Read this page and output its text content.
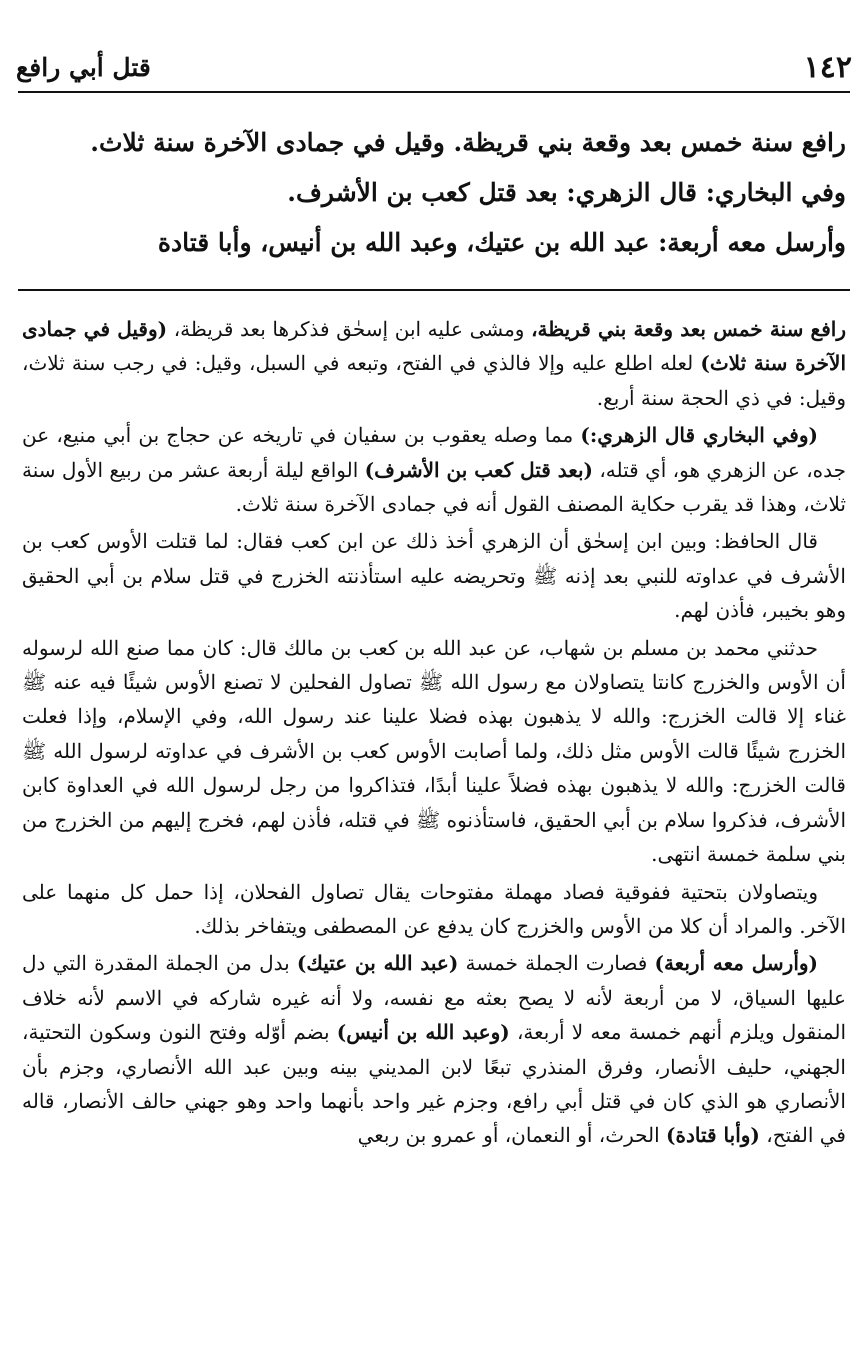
١٤٢
قتل أبي رافع

رافع سنة خمس بعد وقعة بني قريظة. وقيل في جمادى الآخرة سنة ثلاث.

وفي البخاري: قال الزهري: بعد قتل كعب بن الأشرف.

وأرسل معه أربعة: عبد الله بن عتيك، وعبد الله بن أنيس، وأبا قتادة

رافع سنة خمس بعد وقعة بني قريظة، ومشى عليه ابن إسحٰق فذكرها بعد قريظة، (وقيل في جمادى الآخرة سنة ثلاث) لعله اطلع عليه وإلا فالذي في الفتح، وتبعه في السبل، وقيل: في رجب سنة ثلاث، وقيل: في ذي الحجة سنة أربع.

(وفي البخاري قال الزهري:) مما وصله يعقوب بن سفيان في تاريخه عن حجاج بن أبي منيع، عن جده، عن الزهري هو، أي قتله، (بعد قتل كعب بن الأشرف) الواقع ليلة أربعة عشر من ربيع الأول سنة ثلاث، وهذا قد يقرب حكاية المصنف القول أنه في جمادى الآخرة سنة ثلاث.

قال الحافظ: وبين ابن إسحٰق أن الزهري أخذ ذلك عن ابن كعب فقال: لما قتلت الأوس كعب بن الأشرف في عداوته للنبي بعد إذنه ﷺ وتحريضه عليه استأذنته الخزرج في قتل سلام بن أبي الحقيق وهو بخيبر، فأذن لهم.

حدثني محمد بن مسلم بن شهاب، عن عبد الله بن كعب بن مالك قال: كان مما صنع الله لرسوله أن الأوس والخزرج كانتا يتصاولان مع رسول الله ﷺ تصاول الفحلين لا تصنع الأوس شيئًا فيه عنه ﷺ غناء إلا قالت الخزرج: والله لا يذهبون بهذه فضلا علينا عند رسول الله، وفي الإسلام، وإذا فعلت الخزرج شيئًا قالت الأوس مثل ذلك، ولما أصابت الأوس كعب بن الأشرف في عداوته لرسول الله ﷺ قالت الخزرج: والله لا يذهبون بهذه فضلاً علينا أبدًا، فتذاكروا من رجل لرسول الله في العداوة كابن الأشرف، فذكروا سلام بن أبي الحقيق، فاستأذنوه ﷺ في قتله، فأذن لهم، فخرج إليهم من الخزرج من بني سلمة خمسة انتهى.

ويتصاولان بتحتية ففوقية فصاد مهملة مفتوحات يقال تصاول الفحلان، إذا حمل كل منهما على الآخر. والمراد أن كلا من الأوس والخزرج كان يدفع عن المصطفى ويتفاخر بذلك.

(وأرسل معه أربعة) فصارت الجملة خمسة (عبد الله بن عتيك) بدل من الجملة المقدرة التي دل عليها السياق، لا من أربعة لأنه لا يصح بعثه مع نفسه، ولا أنه غيره شاركه في الاسم لأنه خلاف المنقول ويلزم أنهم خمسة معه لا أربعة، (وعبد الله بن أنيس) بضم أوّله وفتح النون وسكون التحتية، الجهني، حليف الأنصار، وفرق المنذري تبعًا لابن المديني بينه وبين عبد الله الأنصاري، وجزم بأن الأنصاري هو الذي كان في قتل أبي رافع، وجزم غير واحد بأنهما واحد وهو جهني حالف الأنصار، قاله في الفتح، (وأبا قتادة) الحرث، أو النعمان، أو عمرو بن ربعي
